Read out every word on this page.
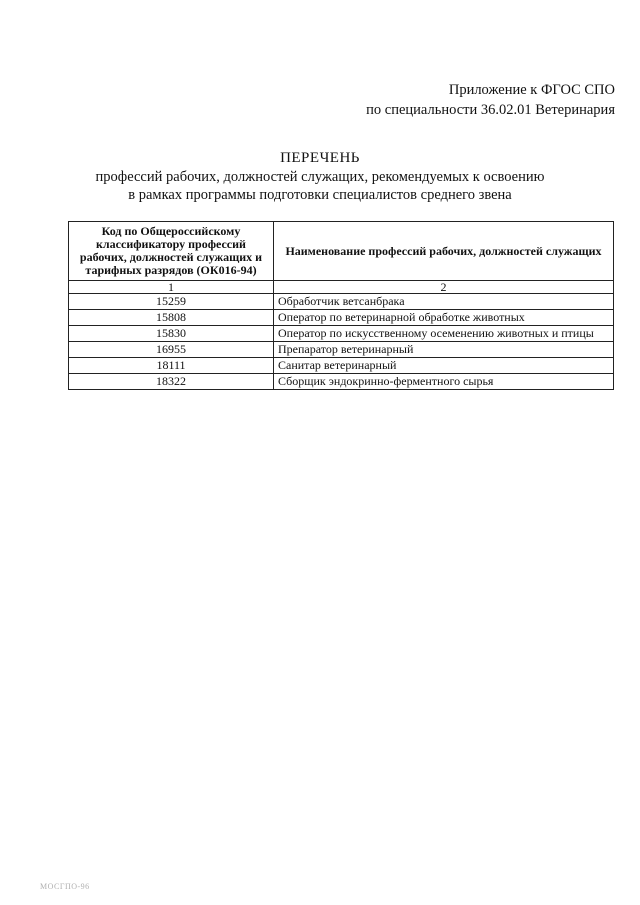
Приложение к ФГОС СПО
по специальности 36.02.01 Ветеринария
ПЕРЕЧЕНЬ
профессий рабочих, должностей служащих, рекомендуемых к освоению
в рамках программы подготовки специалистов среднего звена
Код по Общероссийскому классификатору профессий рабочих, должностей служащих и тарифных разрядов (ОК016-94)	Наименование профессий рабочих, должностей служащих
1	2
15259	Обработчик ветсанбрака
15808	Оператор по ветеринарной обработке животных
15830	Оператор по искусственному осеменению животных и птицы
16955	Препаратор ветеринарный
18111	Санитар ветеринарный
18322	Сборщик эндокринно-ферментного сырья
МОСГПО-96
